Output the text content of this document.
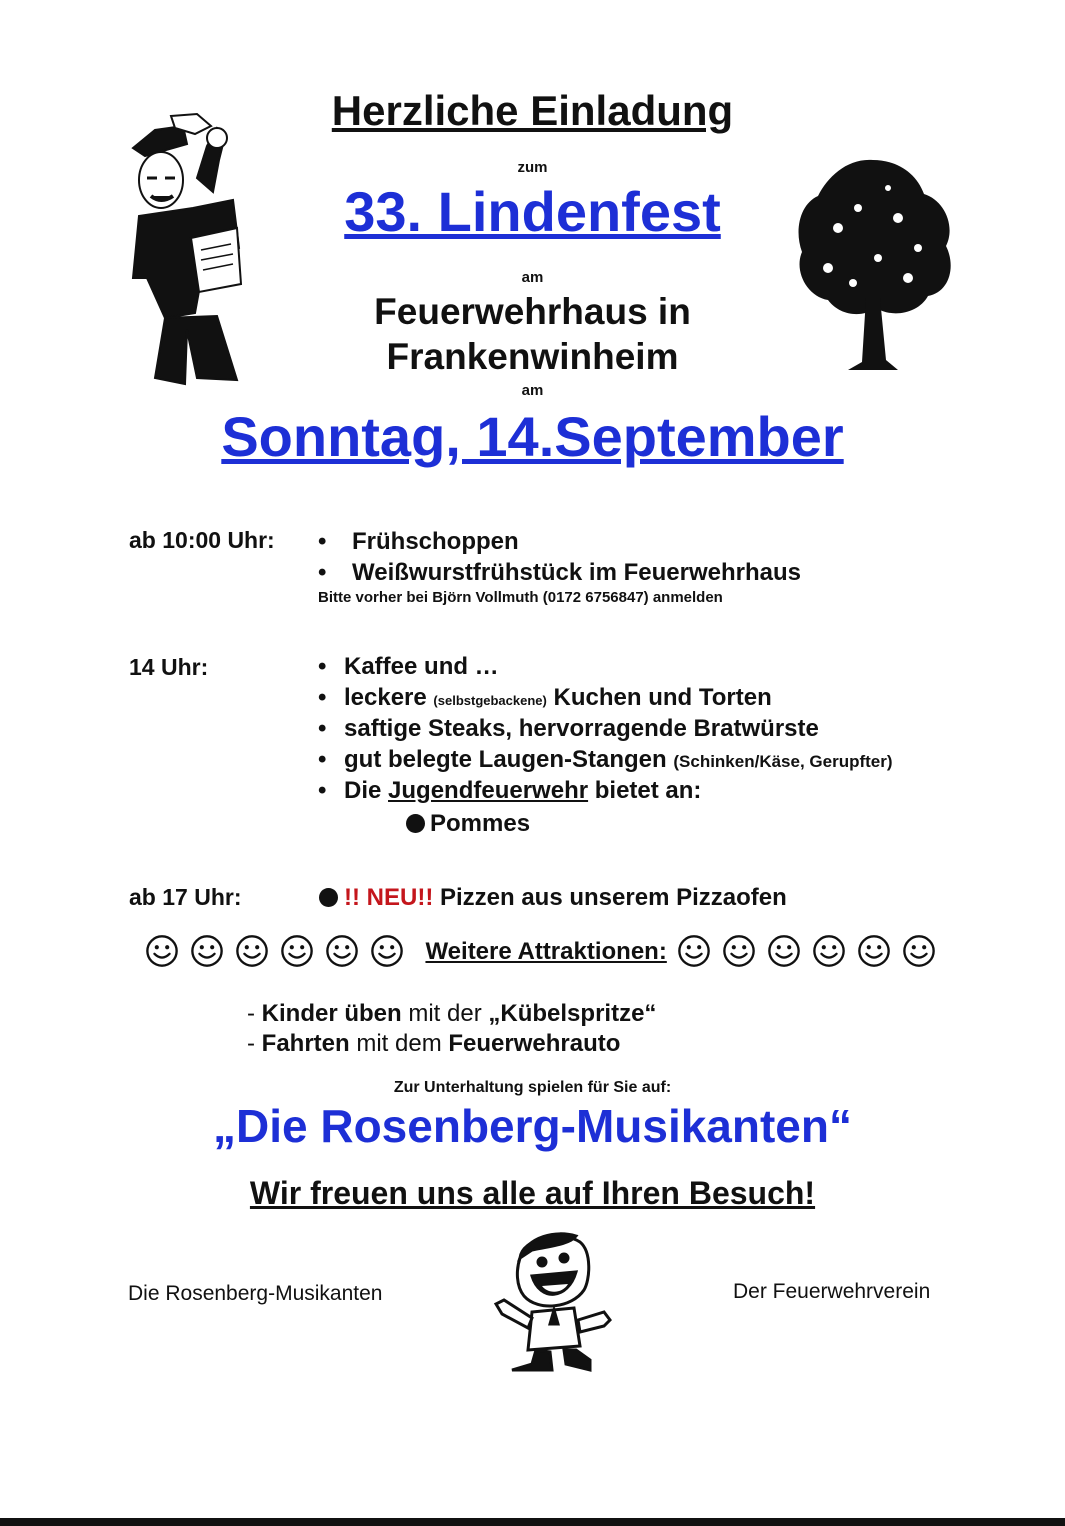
Herzliche Einladung
zum
33. Lindenfest
am
Feuerwehrhaus in
Frankenwinheim
am
Sonntag, 14.September
ab 10:00 Uhr: • Frühschoppen
• Weißwurstfrühstück im Feuerwehrhaus
Bitte vorher bei Björn Vollmuth (0172 6756847) anmelden
14 Uhr:	• Kaffee und …
• leckere (selbstgebackene) Kuchen und Torten
• saftige Steaks, hervorragende Bratwürste
• gut belegte Laugen-Stangen (Schinken/Käse, Gerupfter)
• Die Jugendfeuerwehr bietet an:
Pommes
ab 17 Uhr:	!! NEU!! Pizzen aus unserem Pizzaofen
Weitere Attraktionen:
- Kinder üben mit der „Kübelspritze“
- Fahrten mit dem Feuerwehrauto
Zur Unterhaltung spielen für Sie auf:
„Die Rosenberg-Musikanten“
Wir freuen uns alle auf Ihren Besuch!
Die Rosenberg-Musikanten	Der Feuerwehrverein
